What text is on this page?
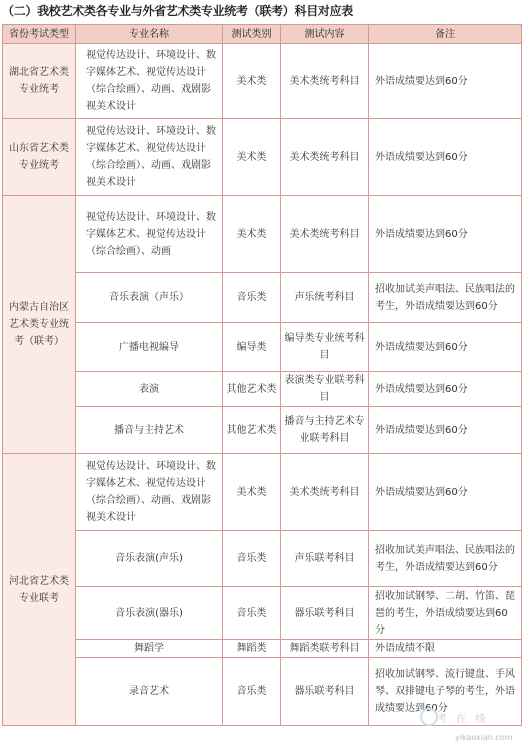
（二）我校艺术类各专业与外省艺术类专业统考（联考）科目对应表
省份考试类型	专业名称	测试类别	测试内容	备注
湖北省艺术类专业统考	视觉传达设计、环境设计、数字媒体艺术、视觉传达设计（综合绘画）、动画、戏剧影视美术设计	美术类	美术类统考科目	外语成绩要达到60分
山东省艺术类专业统考	视觉传达设计、环境设计、数字媒体艺术、视觉传达设计（综合绘画）、动画、戏剧影视美术设计	美术类	美术类统考科目	外语成绩要达到60分
内蒙古自治区艺术类专业统考（联考）	视觉传达设计、环境设计、数字媒体艺术、视觉传达设计（综合绘画）、动画	美术类	美术类统考科目	外语成绩要达到60分
	音乐表演（声乐）	音乐类	声乐统考科目	招收加试美声唱法、民族唱法的考生，外语成绩要达到60分
	广播电视编导	编导类	编导类专业统考科目	外语成绩要达到60分
	表演	其他艺术类	表演类专业联考科目	外语成绩要达到60分
	播音与主持艺术	其他艺术类	播音与主持艺术专业联考科目	外语成绩要达到60分
河北省艺术类专业联考	视觉传达设计、环境设计、数字媒体艺术、视觉传达设计（综合绘画）、动画、戏剧影视美术设计	美术类	美术类统考科目	外语成绩要达到60分
	音乐表演(声乐)	音乐类	声乐联考科目	招收加试美声唱法、民族唱法的考生，外语成绩要达到60分
	音乐表演(器乐)	音乐类	器乐联考科目	招收加试钢琴、二胡、竹笛、琵琶的考生，外语成绩要达到60分
	舞蹈学	舞蹈类	舞蹈类联考科目	外语成绩不限
	录音艺术	音乐类	器乐联考科目	招收加试钢琴、流行键盘、手风琴、双排键电子琴的考生，外语成绩要达到60分
考 在 线
yikaoxian.com
